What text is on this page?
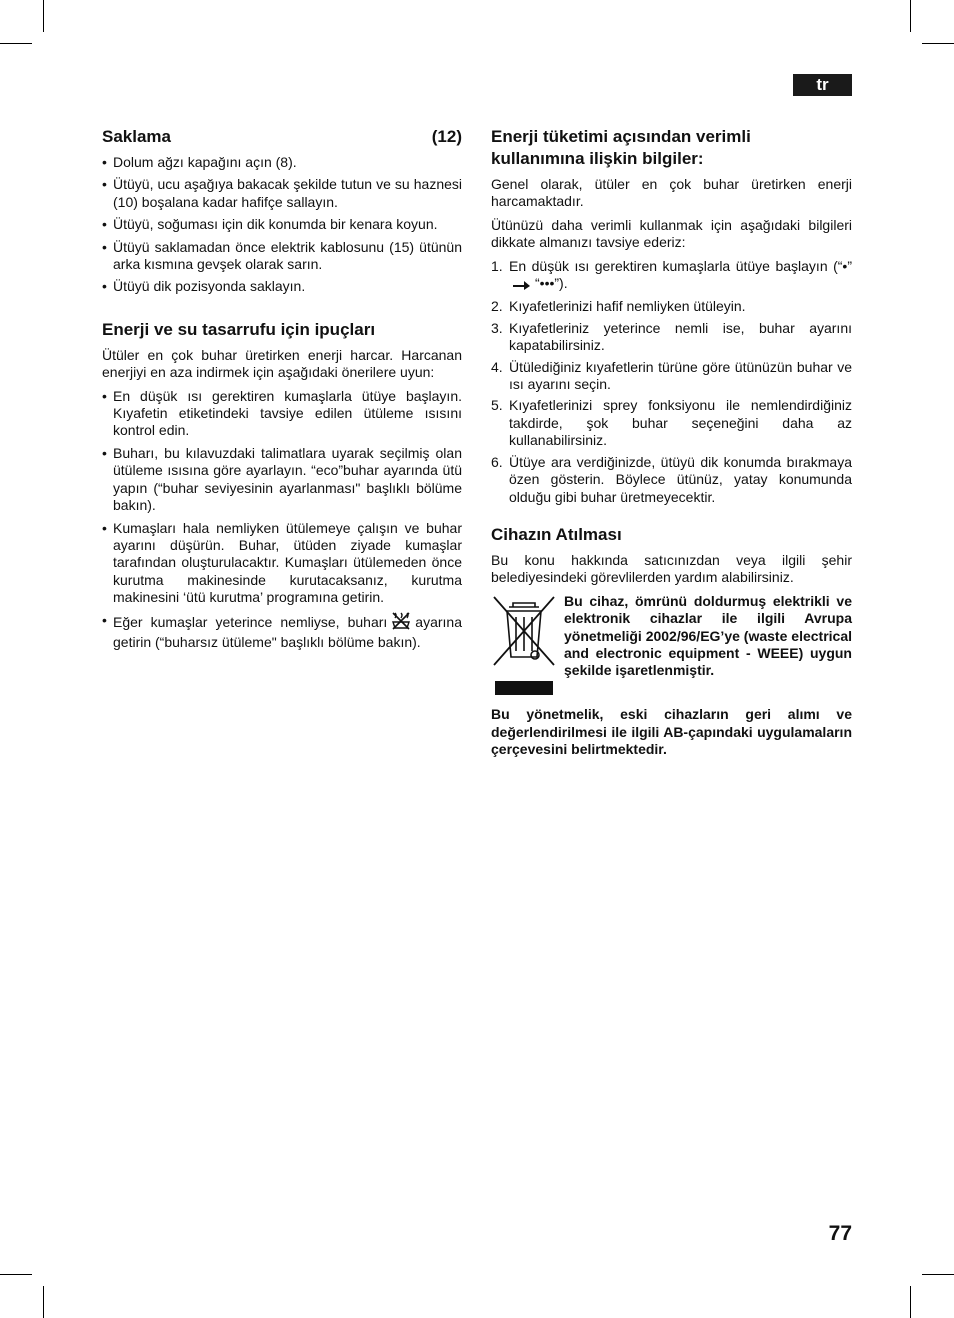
tr
Saklama	(12)
• Dolum ağzı kapağını açın (8).
• Ütüyü, ucu aşağıya bakacak şekilde tutun ve su haznesi (10) boşalana kadar hafifçe sallayın.
• Ütüyü, soğuması için dik konumda bir kenara koyun.
• Ütüyü saklamadan önce elektrik kablosunu (15) ütünün arka kısmına gevşek olarak sarın.
• Ütüyü dik pozisyonda saklayın.
Enerji ve su tasarrufu için ipuçları

Ütüler en çok buhar üretirken enerji harcar. Harcanan enerjiyi en aza indirmek için aşağıdaki önerilere uyun:

• En düşük ısı gerektiren kumaşlarla ütüye başlayın. Kıyafetin etiketindeki tavsiye edilen ütüleme ısısını kontrol edin.
• Buharı, bu kılavuzdaki talimatlara uyarak seçilmiş olan ütüleme ısısına göre ayarlayın. “eco”buhar ayarında ütü yapın (“buhar seviyesinin ayarlanması" başlıklı bölüme bakın).
• Kumaşları hala nemliyken ütülemeye çalışın ve buhar ayarını düşürün. Buhar, ütüden ziyade kumaşlar tarafından oluşturulacaktır. Kumaşları ütülemeden önce kurutma makinesinde kurutacaksanız, kurutma makinesini ‘ütü kurutma’ programına getirin.
• Eğer kumaşlar yeterince nemliyse, buharı ayarına getirin (“buharsız ütüleme" başlıklı bölüme bakın).
Enerji tüketimi açısından verimli
kullanımına ilişkin bilgiler:

Genel olarak, ütüler en çok buhar üretirken enerji harcamaktadır.

Ütünüzü daha verimli kullanmak için aşağıdaki bilgileri dikkate almanızı tavsiye ederiz:

1. En düşük ısı gerektiren kumaşlarla ütüye başlayın (“•”“•••”).
2. Kıyafetlerinizi hafif nemliyken ütüleyin.
3. Kıyafetleriniz yeterince nemli ise, buhar ayarını kapatabilirsiniz.
4. Ütülediğiniz kıyafetlerin türüne göre ütünüzün buhar ve ısı ayarını seçin.
5. Kıyafetlerinizi sprey fonksiyonu ile nemlendirdiğiniz takdirde, şok buhar seçeneğini daha az kullanabilirsiniz.
6. Ütüye ara verdiğinizde, ütüyü dik konumda bırakmaya özen gösterin. Böylece ütünüz, yatay konumunda olduğu gibi buhar üretmeyecektir.
Cihazın Atılması

Bu konu hakkında satıcınızdan veya ilgili şehir belediyesindeki görevlilerden yardım alabilirsiniz.

Bu cihaz, ömrünü doldurmuş elektrikli ve elektronik cihazlar ile ilgili Avrupa yönetmeliği 2002/96/EG’ye (waste electrical and electronic equipment - WEEE) uygun şekilde işaretlenmiştir.
Bu yönetmelik, eski cihazların geri alımı ve değerlendirilmesi ile ilgili AB-çapındaki uygulamaların çerçevesini belirtmektedir.
77
